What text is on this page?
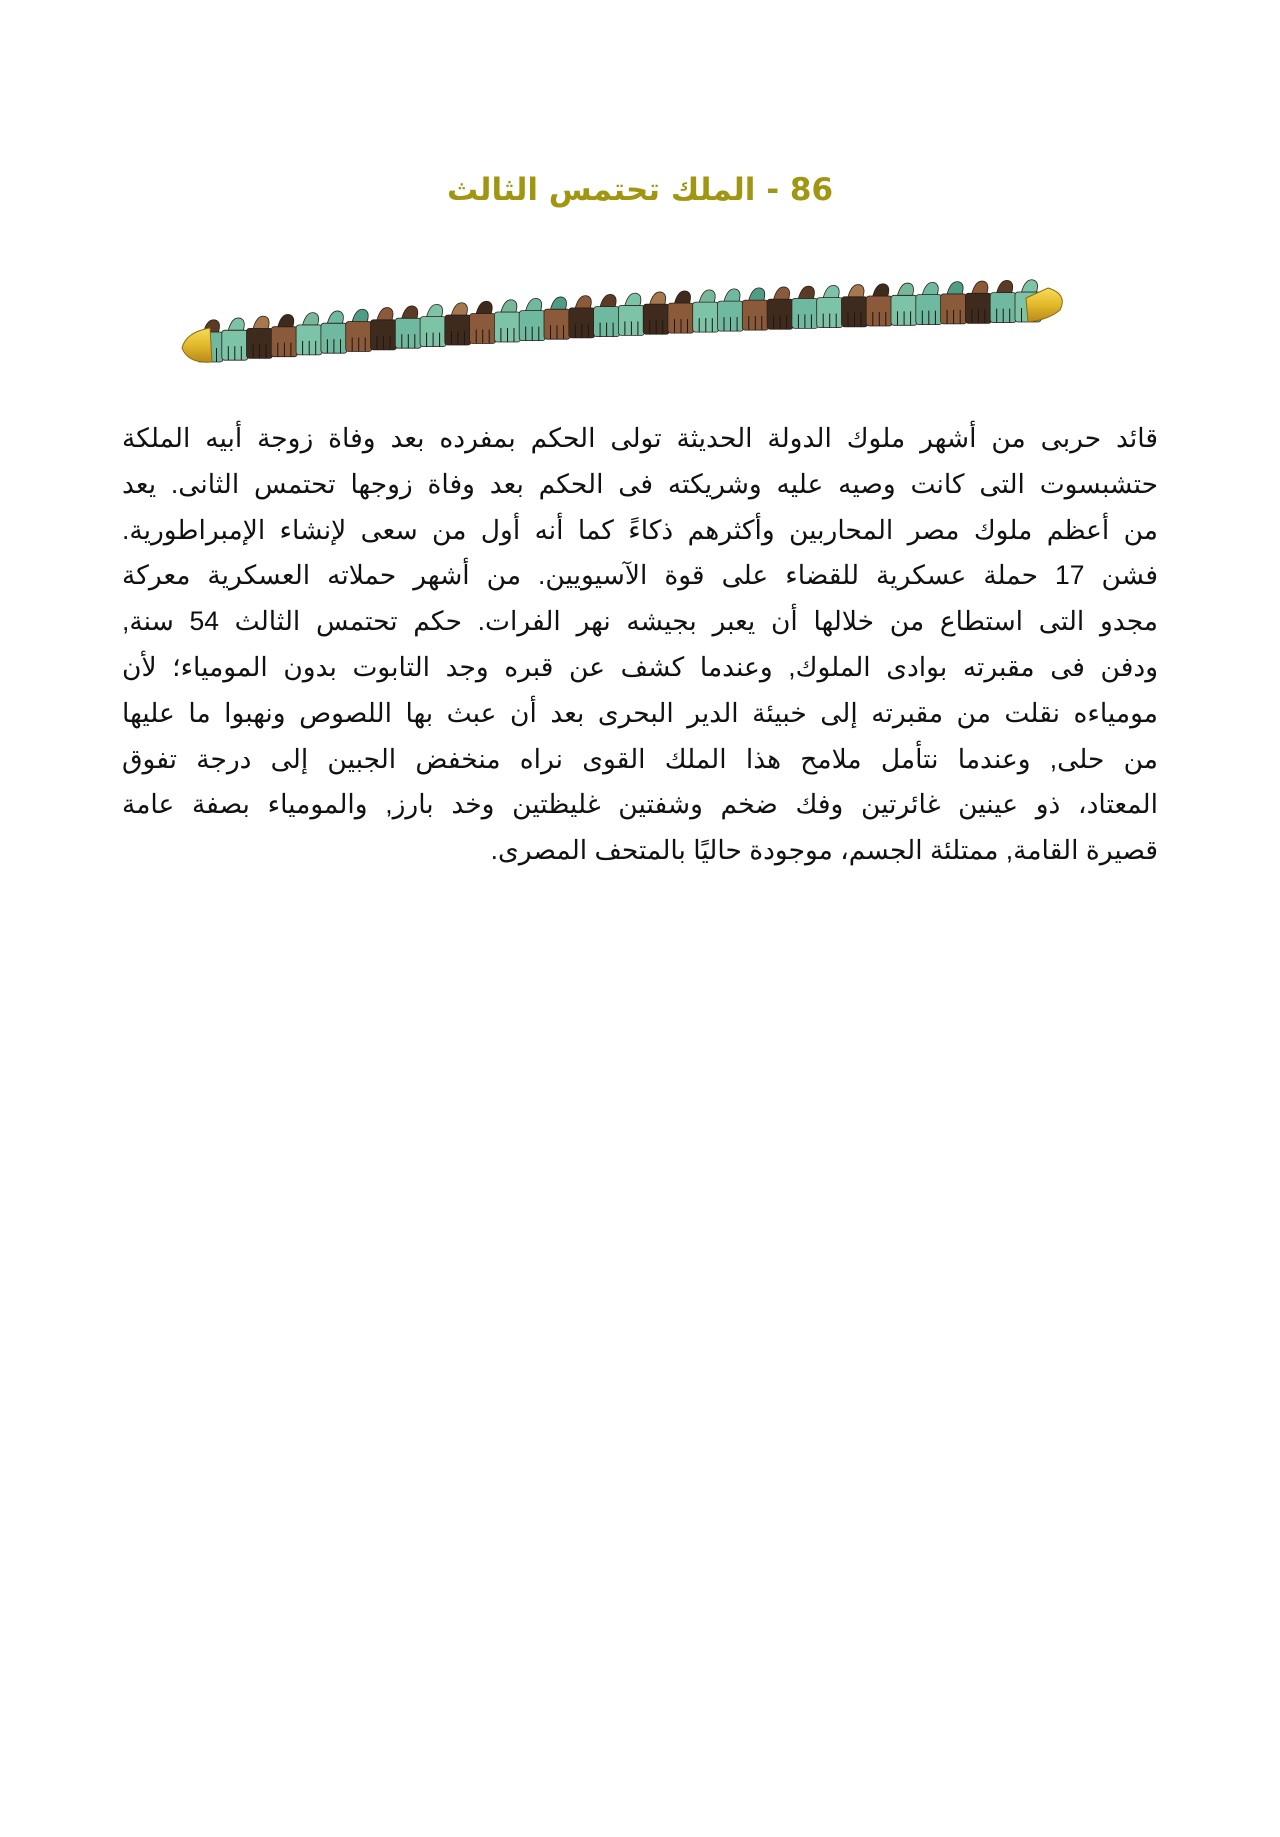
86 - الملك تحتمس الثالث
قائد حربى من أشهر ملوك الدولة الحديثة تولى الحكم بمفرده بعد وفاة زوجة أبيه الملكة
حتشبسوت التى كانت وصيه عليه وشريكته فى الحكم بعد وفاة زوجها تحتمس الثانى. يعد
من أعظم ملوك مصر المحاربين وأكثرهم ذكاءً كما أنه أول من سعى لإنشاء الإمبراطورية.
فشن 17 حملة عسكرية للقضاء على قوة الآسيويين. من أشهر حملاته العسكرية معركة
مجدو التى استطاع من خلالها أن يعبر بجيشه نهر الفرات. حكم تحتمس الثالث 54 سنة,
ودفن فى مقبرته بوادى الملوك, وعندما كشف عن قبره وجد التابوت بدون المومياء؛ لأن
مومياءه نقلت من مقبرته إلى خبيئة الدير البحرى بعد أن عبث بها اللصوص ونهبوا ما عليها
من حلى, وعندما نتأمل ملامح هذا الملك القوى نراه منخفض الجبين إلى درجة تفوق
المعتاد، ذو عينين غائرتين وفك ضخم وشفتين غليظتين وخد بارز, والمومياء بصفة عامة
قصيرة القامة, ممتلئة الجسم، موجودة حاليًا بالمتحف المصرى.
